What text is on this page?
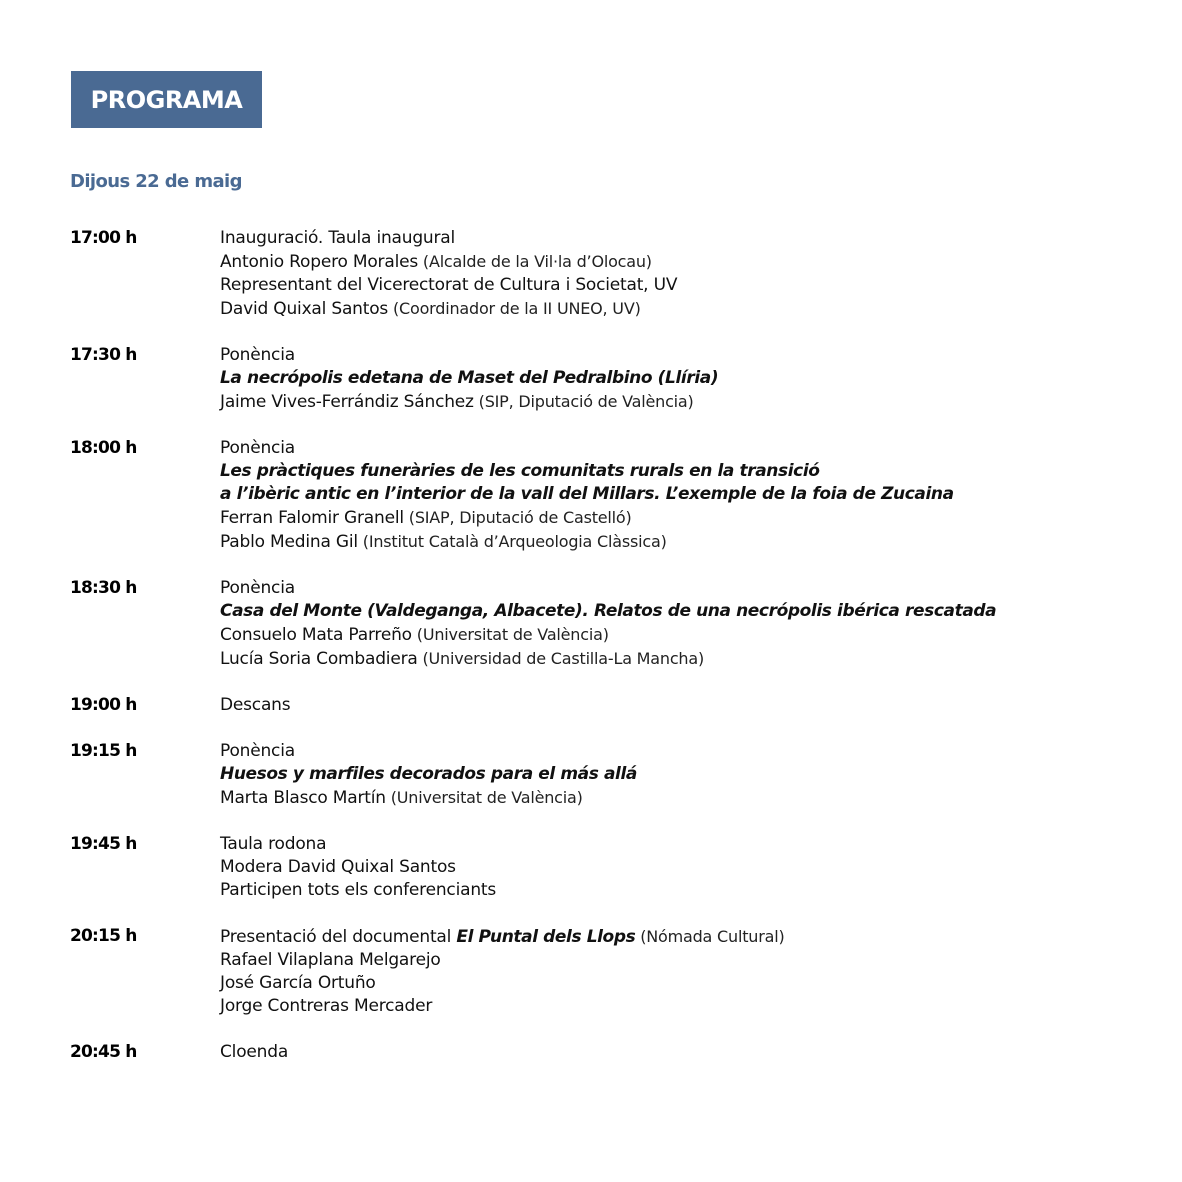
PROGRAMA
Dijous 22 de maig
17:00 h	Inauguració. Taula inaugural
Antonio Ropero Morales (Alcalde de la Vil·la d’Olocau)
Representant del Vicerectorat de Cultura i Societat, UV
David Quixal Santos (Coordinador de la II UNEO, UV)
17:30 h	Ponència
La necrópolis edetana de Maset del Pedralbino (Llíria)
Jaime Vives-Ferrándiz Sánchez (SIP, Diputació de València)
18:00 h	Ponència
Les pràctiques funeràries de les comunitats rurals en la transició
a l’ibèric antic en l’interior de la vall del Millars. L’exemple de la foia de Zucaina
Ferran Falomir Granell (SIAP, Diputació de Castelló)
Pablo Medina Gil (Institut Català d’Arqueologia Clàssica)
18:30 h	Ponència
Casa del Monte (Valdeganga, Albacete). Relatos de una necrópolis ibérica rescatada
Consuelo Mata Parreño (Universitat de València)
Lucía Soria Combadiera (Universidad de Castilla-La Mancha)
19:00 h	Descans
19:15 h	Ponència
Huesos y marfiles decorados para el más allá
Marta Blasco Martín (Universitat de València)
19:45 h	Taula rodona
Modera David Quixal Santos
Participen tots els conferenciants
20:15 h	Presentació del documental El Puntal dels Llops (Nómada Cultural)
Rafael Vilaplana Melgarejo
José García Ortuño
Jorge Contreras Mercader
20:45 h	Cloenda
